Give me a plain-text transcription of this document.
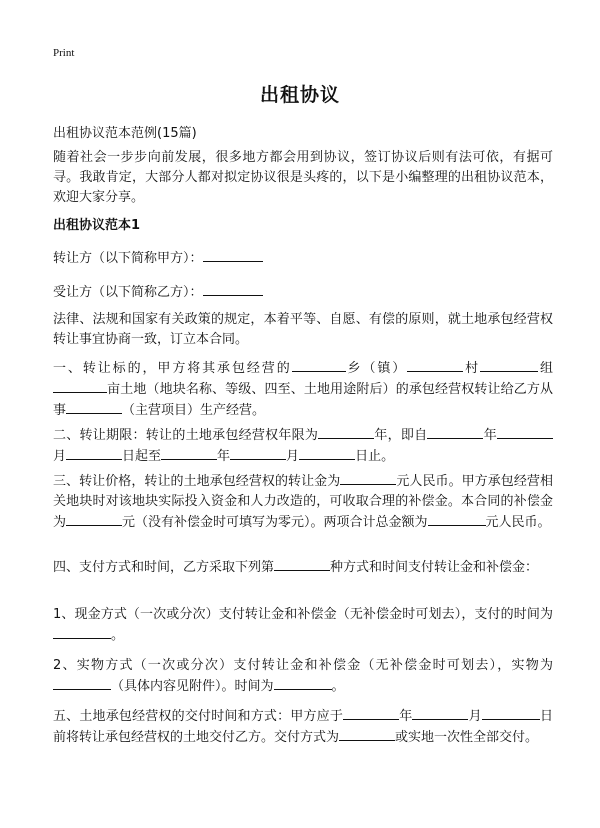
Print
出租协议
出租协议范本范例(15篇)
随着社会一步步向前发展，很多地方都会用到协议，签订协议后则有法可依，有据可寻。我敢肯定，大部分人都对拟定协议很是头疼的，以下是小编整理的出租协议范本，欢迎大家分享。
出租协议范本1
转让方（以下简称甲方）：
受让方（以下简称乙方）：
法律、法规和国家有关政策的规定，本着平等、自愿、有偿的原则，就土地承包经营权转让事宜协商一致，订立本合同。
一、转让标的，甲方将其承包经营的	乡（镇）	村	组亩土地（地块名称、等级、四至、土地用途附后）的承包经营权转让给乙方从事	（主营项目）生产经营。
二、转让期限：转让的土地承包经营权年限为	年，即自	年月	日起至	年	月	日止。
三、转让价格，转让的土地承包经营权的转让金为	元人民币。甲方承包经营相关地块时对该地块实际投入资金和人力改造的，可收取合理的补偿金。本合同的补偿金为	元（没有补偿金时可填写为零元）。两项合计总金额为	元人民币。
四、支付方式和时间，乙方采取下列第	种方式和时间支付转让金和补偿金：
1、现金方式（一次或分次）支付转让金和补偿金（无补偿金时可划去），支付的时间为。
2、实物方式（一次或分次）支付转让金和补偿金（无补偿金时可划去），实物为（具体内容见附件）。时间为	。
五、土地承包经营权的交付时间和方式：甲方应于	年	月	日前将转让承包经营权的土地交付乙方。交付方式为	或实地一次性全部交付。
